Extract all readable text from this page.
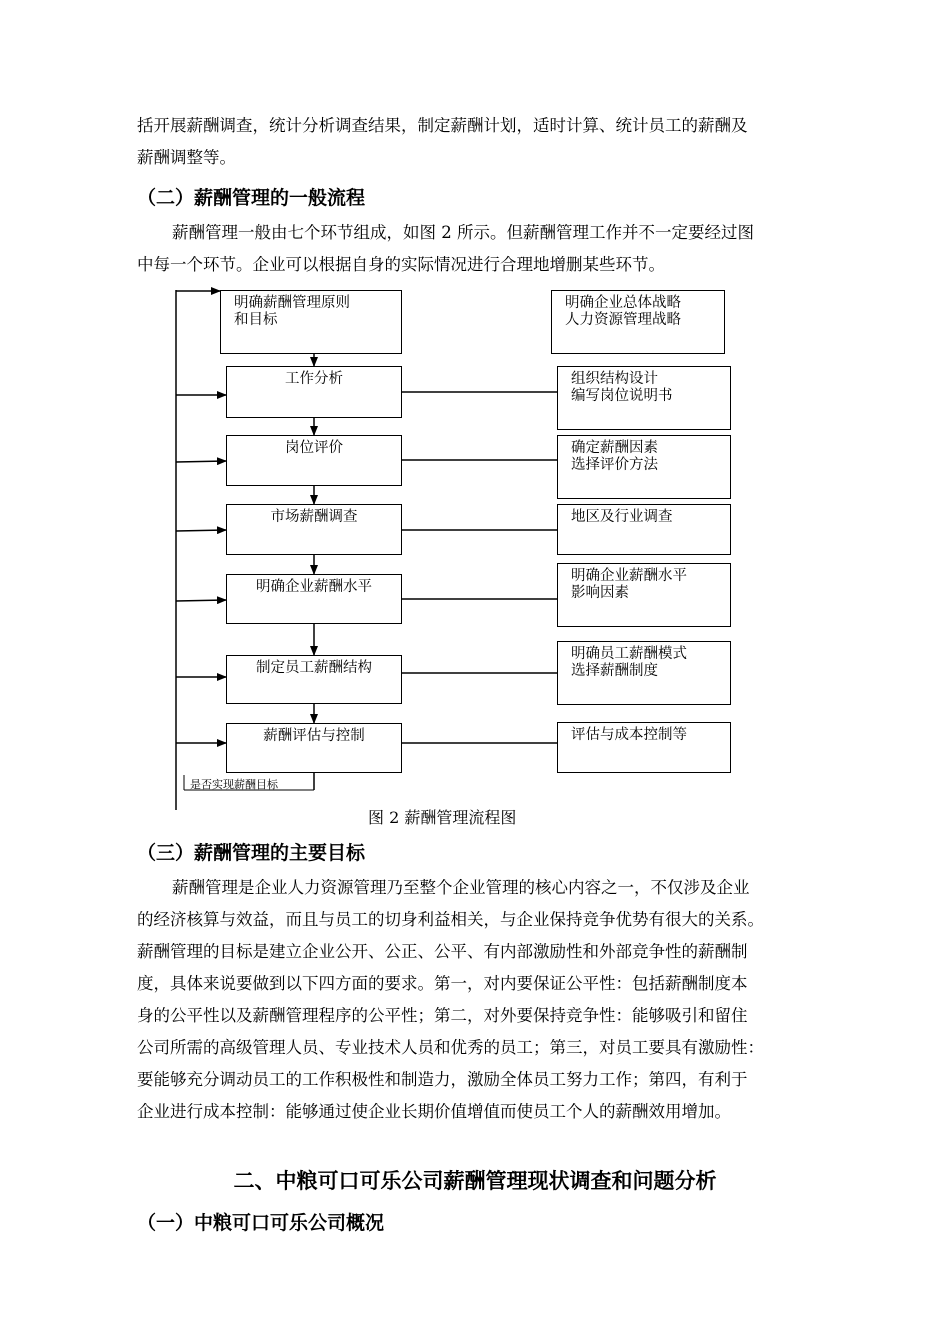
括开展薪酬调查，统计分析调查结果，制定薪酬计划，适时计算、统计员工的薪酬及
薪酬调整等。
（二）薪酬管理的一般流程
薪酬管理一般由七个环节组成，如图 2 所示。但薪酬管理工作并不一定要经过图
中每一个环节。企业可以根据自身的实际情况进行合理地增删某些环节。
明确薪酬管理原则
和目标
工作分析
岗位评价
市场薪酬调查
明确企业薪酬水平
制定员工薪酬结构
薪酬评估与控制
明确企业总体战略
人力资源管理战略
组织结构设计
编写岗位说明书
确定薪酬因素
选择评价方法
地区及行业调查
明确企业薪酬水平
影响因素
明确员工薪酬模式
选择薪酬制度
评估与成本控制等
是否实现薪酬目标
图 2 薪酬管理流程图
（三）薪酬管理的主要目标
薪酬管理是企业人力资源管理乃至整个企业管理的核心内容之一，不仅涉及企业
的经济核算与效益，而且与员工的切身利益相关，与企业保持竞争优势有很大的关系。
薪酬管理的目标是建立企业公开、公正、公平、有内部激励性和外部竞争性的薪酬制
度，具体来说要做到以下四方面的要求。第一，对内要保证公平性：包括薪酬制度本
身的公平性以及薪酬管理程序的公平性；第二，对外要保持竞争性：能够吸引和留住
公司所需的高级管理人员、专业技术人员和优秀的员工；第三，对员工要具有激励性：
要能够充分调动员工的工作积极性和制造力，激励全体员工努力工作；第四，有利于
企业进行成本控制：能够通过使企业长期价值增值而使员工个人的薪酬效用增加。
二、中粮可口可乐公司薪酬管理现状调查和问题分析
（一）中粮可口可乐公司概况
